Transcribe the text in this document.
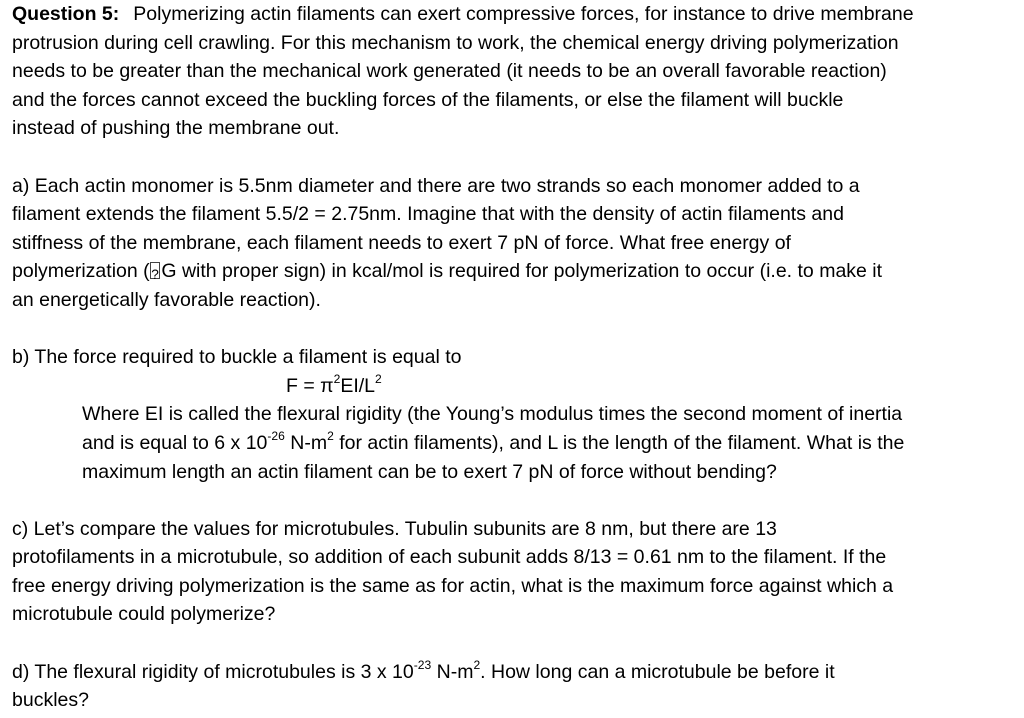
Question 5: Polymerizing actin filaments can exert compressive forces, for instance to drive membrane
protrusion during cell crawling. For this mechanism to work, the chemical energy driving polymerization
needs to be greater than the mechanical work generated (it needs to be an overall favorable reaction)
and the forces cannot exceed the buckling forces of the filaments, or else the filament will buckle
instead of pushing the membrane out.
a) Each actin monomer is 5.5nm diameter and there are two strands so each monomer added to a
filament extends the filament 5.5/2 = 2.75nm. Imagine that with the density of actin filaments and
stiffness of the membrane, each filament needs to exert 7 pN of force. What free energy of
polymerization (? G with proper sign) in kcal/mol is required for polymerization to occur (i.e. to make it
an energetically favorable reaction).
b) The force required to buckle a filament is equal to
$F = \pi^2EI/L^2$
Where EI is called the flexural rigidity (the Young’s modulus times the second moment of inertia
and is equal to 6 x $10^{-26}$ $N-m^2$ for actin filaments), and L is the length of the filament. What is the
maximum length an actin filament can be to exert 7 pN of force without bending?
c) Let’s compare the values for microtubules. Tubulin subunits are 8 nm, but there are 13
protofilaments in a microtubule, so addition of each subunit adds 8/13 = 0.61 nm to the filament. If the
free energy driving polymerization is the same as for actin, what is the maximum force against which a
microtubule could polymerize?
d) The flexural rigidity of microtubules is 3 x $10^{-23}$ $N-m^2$. How long can a microtubule be before it
buckles?
